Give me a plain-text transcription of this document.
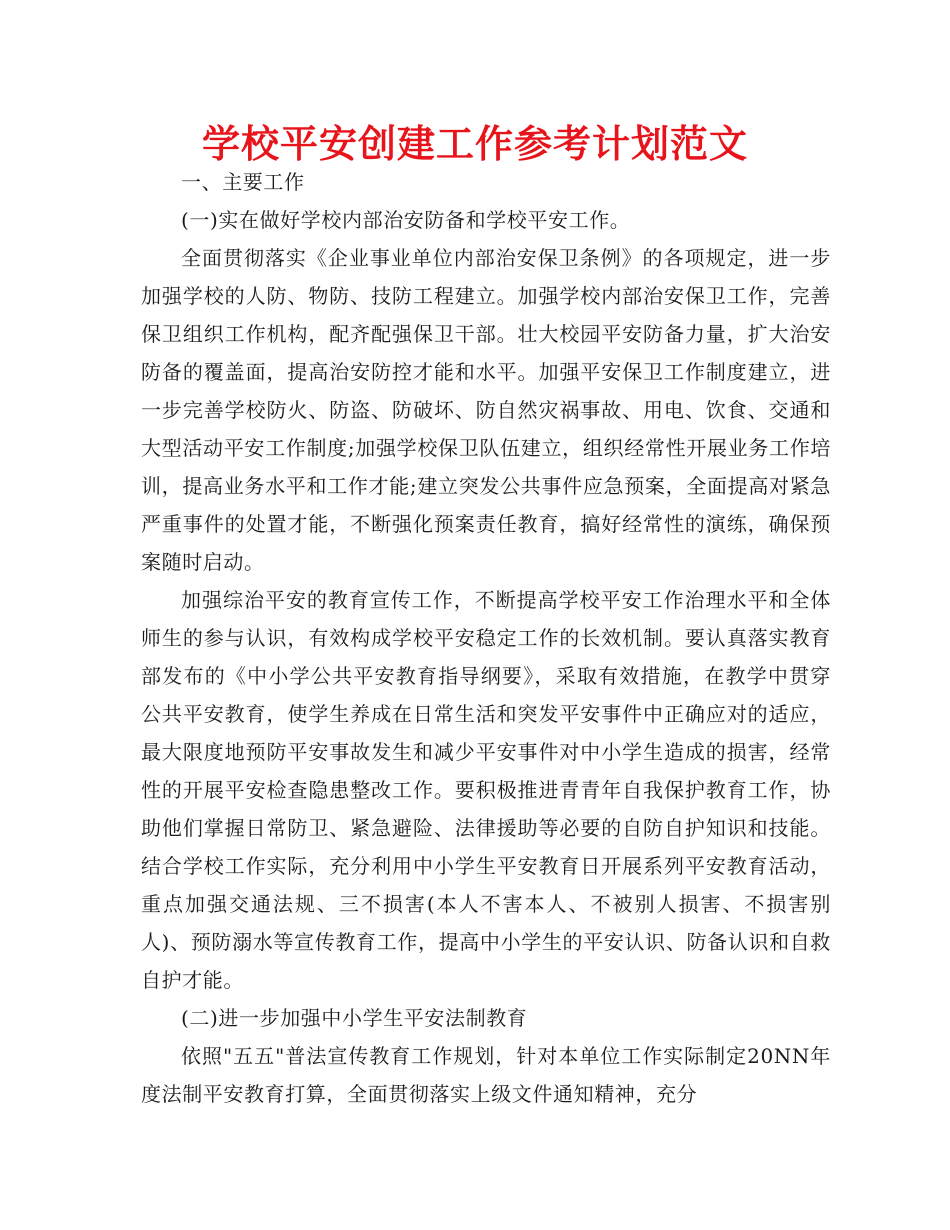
学校平安创建工作参考计划范文

一、主要工作

(一)实在做好学校内部治安防备和学校平安工作。

全面贯彻落实《企业事业单位内部治安保卫条例》的各项规定，进一步加强学校的人防、物防、技防工程建立。加强学校内部治安保卫工作，完善保卫组织工作机构，配齐配强保卫干部。壮大校园平安防备力量，扩大治安防备的覆盖面，提高治安防控才能和水平。加强平安保卫工作制度建立，进一步完善学校防火、防盗、防破坏、防自然灾祸事故、用电、饮食、交通和大型活动平安工作制度;加强学校保卫队伍建立，组织经常性开展业务工作培训，提高业务水平和工作才能;建立突发公共事件应急预案，全面提高对紧急严重事件的处置才能，不断强化预案责任教育，搞好经常性的演练，确保预案随时启动。

加强综治平安的教育宣传工作，不断提高学校平安工作治理水平和全体师生的参与认识，有效构成学校平安稳定工作的长效机制。要认真落实教育部发布的《中小学公共平安教育指导纲要》，采取有效措施，在教学中贯穿公共平安教育，使学生养成在日常生活和突发平安事件中正确应对的适应，最大限度地预防平安事故发生和减少平安事件对中小学生造成的损害，经常性的开展平安检查隐患整改工作。要积极推进青青年自我保护教育工作，协助他们掌握日常防卫、紧急避险、法律援助等必要的自防自护知识和技能。结合学校工作实际，充分利用中小学生平安教育日开展系列平安教育活动，重点加强交通法规、三不损害(本人不害本人、不被别人损害、不损害别人)、预防溺水等宣传教育工作，提高中小学生的平安认识、防备认识和自救自护才能。

(二)进一步加强中小学生平安法制教育

依照"五五"普法宣传教育工作规划，针对本单位工作实际制定20NN年度法制平安教育打算，全面贯彻落实上级文件通知精神，充分
